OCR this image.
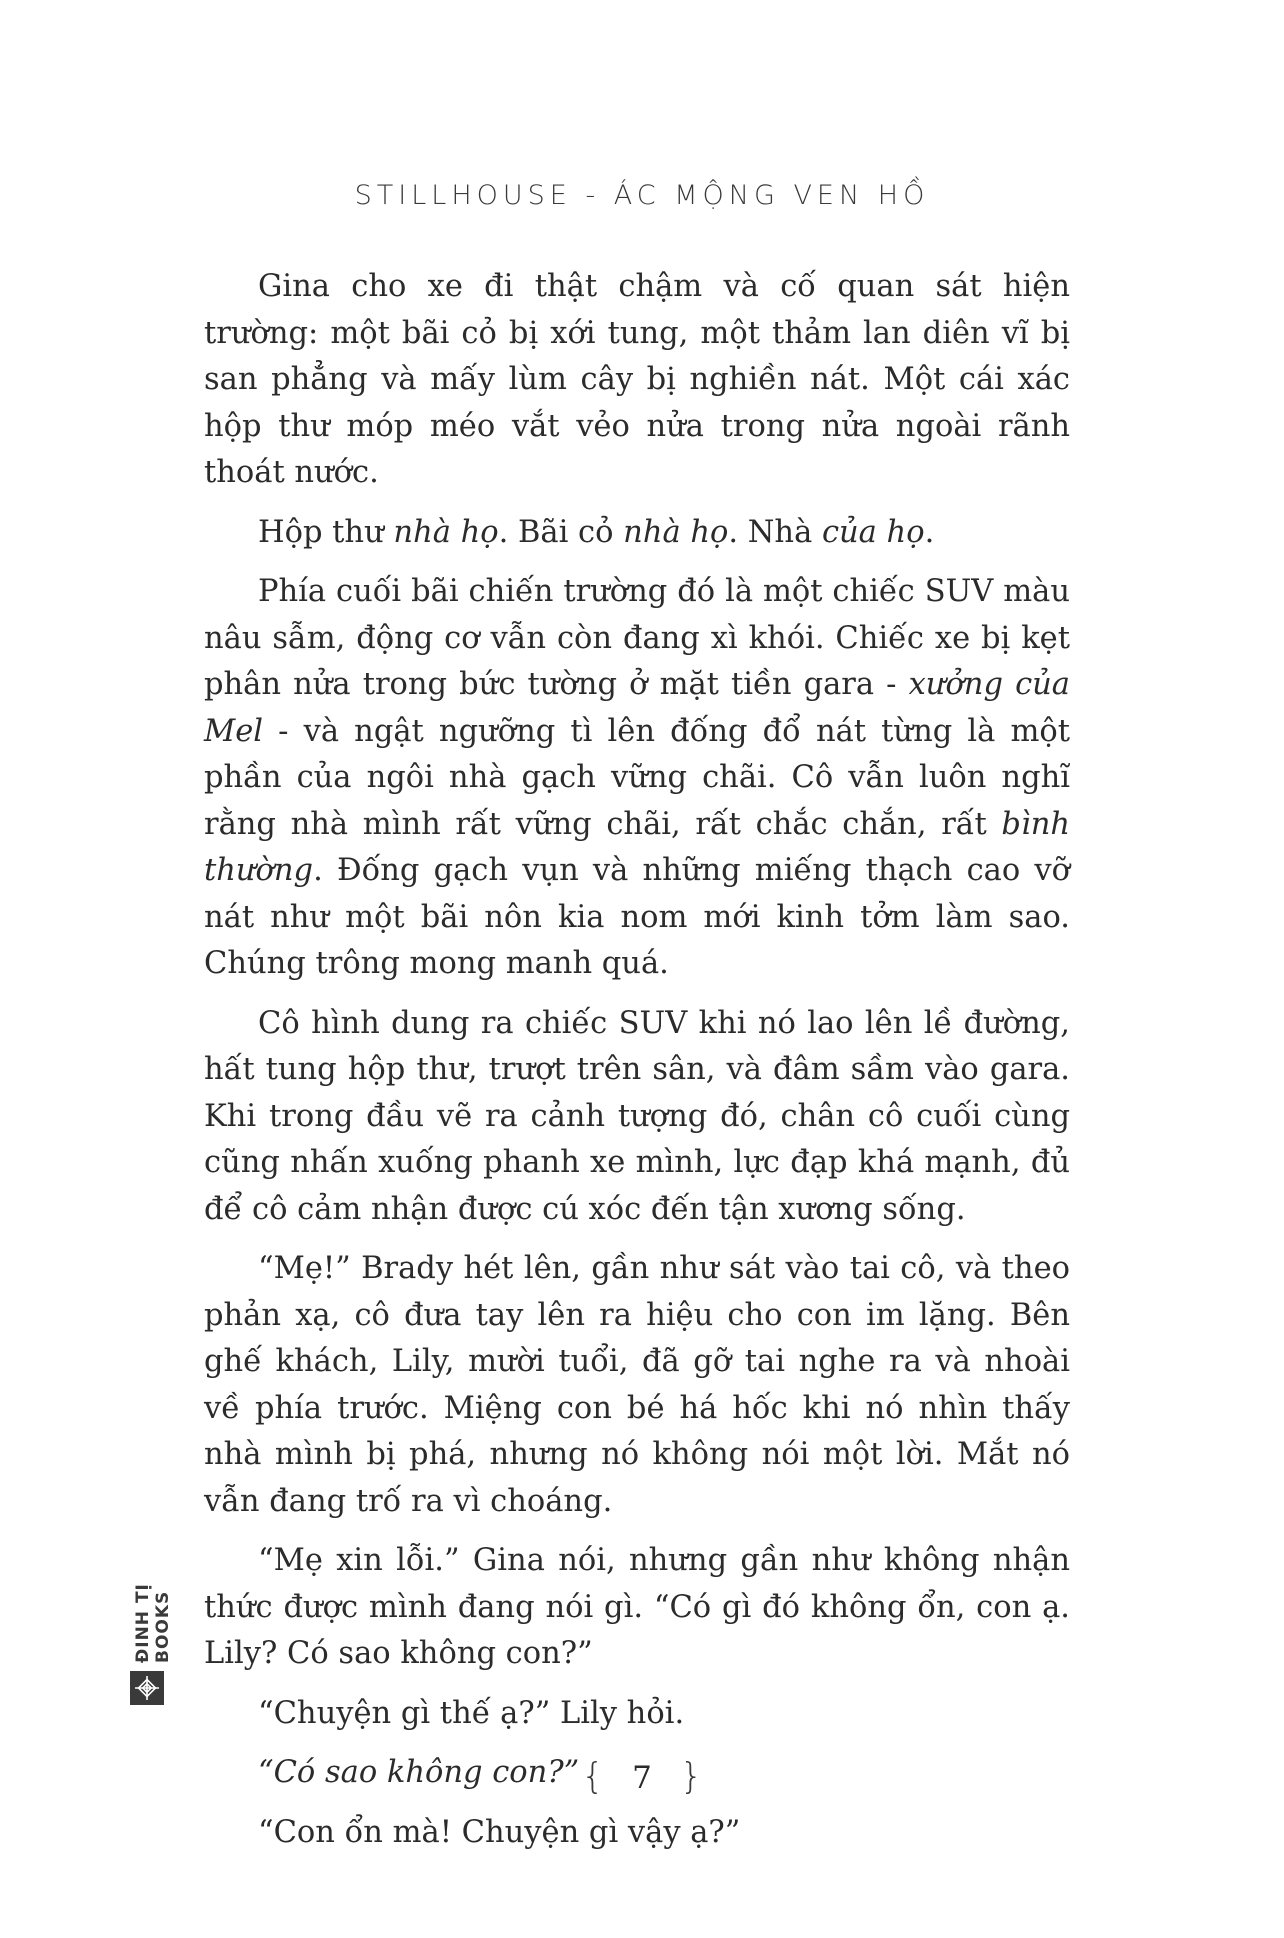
STILLHOUSE - ÁC MỘNG VEN HỒ

Gina cho xe đi thật chậm và cố quan sát hiện trường: một bãi cỏ bị xới tung, một thảm lan diên vĩ bị san phẳng và mấy lùm cây bị nghiền nát. Một cái xác hộp thư móp méo vắt vẻo nửa trong nửa ngoài rãnh thoát nước.

Hộp thư nhà họ. Bãi cỏ nhà họ. Nhà của họ.

Phía cuối bãi chiến trường đó là một chiếc SUV màu nâu sẫm, động cơ vẫn còn đang xì khói. Chiếc xe bị kẹt phân nửa trong bức tường ở mặt tiền gara - xưởng của Mel - và ngật ngưỡng tì lên đống đổ nát từng là một phần của ngôi nhà gạch vững chãi. Cô vẫn luôn nghĩ rằng nhà mình rất vững chãi, rất chắc chắn, rất bình thường. Đống gạch vụn và những miếng thạch cao vỡ nát như một bãi nôn kia nom mới kinh tởm làm sao. Chúng trông mong manh quá.

Cô hình dung ra chiếc SUV khi nó lao lên lề đường, hất tung hộp thư, trượt trên sân, và đâm sầm vào gara. Khi trong đầu vẽ ra cảnh tượng đó, chân cô cuối cùng cũng nhấn xuống phanh xe mình, lực đạp khá mạnh, đủ để cô cảm nhận được cú xóc đến tận xương sống.

“Mẹ!” Brady hét lên, gần như sát vào tai cô, và theo phản xạ, cô đưa tay lên ra hiệu cho con im lặng. Bên ghế khách, Lily, mười tuổi, đã gỡ tai nghe ra và nhoài về phía trước. Miệng con bé há hốc khi nó nhìn thấy nhà mình bị phá, nhưng nó không nói một lời. Mắt nó vẫn đang trố ra vì choáng.

“Mẹ xin lỗi.” Gina nói, nhưng gần như không nhận thức được mình đang nói gì. “Có gì đó không ổn, con ạ. Lily? Có sao không con?”

“Chuyện gì thế ạ?” Lily hỏi.

“Có sao không con?”

“Con ổn mà! Chuyện gì vậy ạ?”

ĐINH TỊ BOOKS
{ 7 }
